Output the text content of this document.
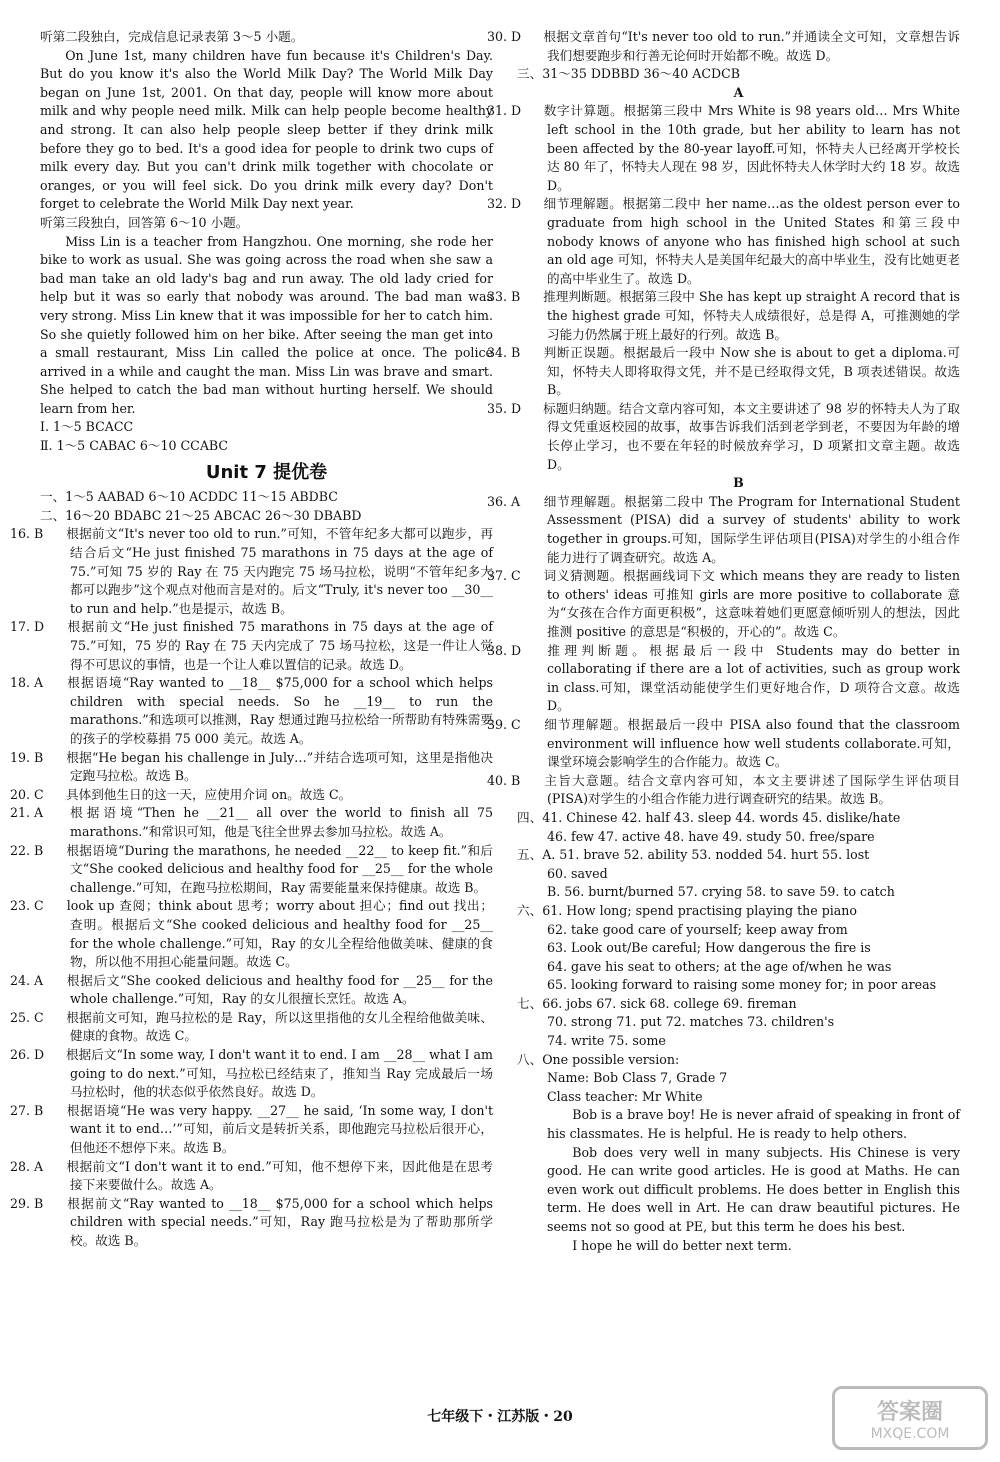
听第二段独白，完成信息记录表第 3～5 小题。

On June 1st, many children have fun because it's Children's Day. But do you know it's also the World Milk Day? The World Milk Day began on June 1st, 2001. On that day, people will know more about milk and why people need milk. Milk can help people become healthy and strong. It can also help people sleep better if they drink milk before they go to bed. It's a good idea for people to drink two cups of milk every day. But you can't drink milk together with chocolate or oranges, or you will feel sick. Do you drink milk every day? Don't forget to celebrate the World Milk Day next year.

听第三段独白，回答第 6～10 小题。

Miss Lin is a teacher from Hangzhou. One morning, she rode her bike to work as usual. She was going across the road when she saw a bad man take an old lady's bag and run away. The old lady cried for help but it was so early that nobody was around. The bad man was very strong. Miss Lin knew that it was impossible for her to catch him. So she quietly followed him on her bike. After seeing the man get into a small restaurant, Miss Lin called the police at once. The police arrived in a while and caught the man. Miss Lin was brave and smart. She helped to catch the bad man without hurting herself. We should learn from her.

Ⅰ. 1～5 BCACC

Ⅱ. 1～5 CABAC 6～10 CCABC

Unit 7 提优卷

一、1～5 AABAD 6～10 ACDDC 11～15 ABDBC

二、16～20 BDABC 21～25 ABCAC 26～30 DBABD

16. B 根据前文“It's never too old to run.”可知，不管年纪多大都可以跑步，再结合后文“He just finished 75 marathons in 75 days at the age of 75.”可知 75 岁的 Ray 在 75 天内跑完 75 场马拉松，说明“不管年纪多大都可以跑步”这个观点对他而言是对的。后文“Truly, it's never too __30__ to run and help.”也是提示，故选 B。

17. D 根据前文“He just finished 75 marathons in 75 days at the age of 75.”可知，75 岁的 Ray 在 75 天内完成了 75 场马拉松，这是一件让人觉得不可思议的事情，也是一个让人难以置信的记录。故选 D。

18. A 根据语境“Ray wanted to __18__ $75,000 for a school which helps children with special needs. So he __19__ to run the marathons.”和选项可以推测，Ray 想通过跑马拉松给一所帮助有特殊需要的孩子的学校募捐 75 000 美元。故选 A。

19. B 根据“He began his challenge in July…”并结合选项可知，这里是指他决定跑马拉松。故选 B。

20. C 具体到他生日的这一天，应使用介词 on。故选 C。

21. A 根据语境“Then he __21__ all over the world to finish all 75 marathons.”和常识可知，他是飞往全世界去参加马拉松。故选 A。

22. B 根据语境“During the marathons, he needed __22__ to keep fit.”和后文“She cooked delicious and healthy food for __25__ for the whole challenge.”可知，在跑马拉松期间，Ray 需要能量来保持健康。故选 B。

23. C look up 查阅；think about 思考；worry about 担心；find out 找出；查明。根据后文“She cooked delicious and healthy food for __25__ for the whole challenge.”可知，Ray 的女儿全程给他做美味、健康的食物，所以他不用担心能量问题。故选 C。

24. A 根据后文“She cooked delicious and healthy food for __25__ for the whole challenge.”可知，Ray 的女儿很擅长烹饪。故选 A。

25. C 根据前文可知，跑马拉松的是 Ray，所以这里指他的女儿全程给他做美味、健康的食物。故选 C。

26. D 根据后文“In some way, I don't want it to end. I am __28__ what I am going to do next.”可知，马拉松已经结束了，推知当 Ray 完成最后一场马拉松时，他的状态似乎依然良好。故选 D。

27. B 根据语境“He was very happy. __27__ he said, ‘In some way, I don't want it to end…’”可知，前后文是转折关系，即他跑完马拉松后很开心，但他还不想停下来。故选 B。

28. A 根据前文“I don't want it to end.”可知，他不想停下来，因此他是在思考接下来要做什么。故选 A。

29. B 根据前文“Ray wanted to __18__ $75,000 for a school which helps children with special needs.”可知，Ray 跑马拉松是为了帮助那所学校。故选 B。

30. D 根据文章首句“It's never too old to run.”并通读全文可知，文章想告诉我们想要跑步和行善无论何时开始都不晚。故选 D。

三、31～35 DDBBD 36～40 ACDCB

A

31. D 数字计算题。根据第三段中 Mrs White is 98 years old… Mrs White left school in the 10th grade, but her ability to learn has not been affected by the 80-year layoff.可知，怀特夫人已经离开学校长达 80 年了，怀特夫人现在 98 岁，因此怀特夫人休学时大约 18 岁。故选 D。

32. D 细节理解题。根据第二段中 her name…as the oldest person ever to graduate from high school in the United States 和第三段中 nobody knows of anyone who has finished high school at such an old age 可知，怀特夫人是美国年纪最大的高中毕业生，没有比她更老的高中毕业生了。故选 D。

33. B 推理判断题。根据第三段中 She has kept up straight A record that is the highest grade 可知，怀特夫人成绩很好，总是得 A，可推测她的学习能力仍然属于班上最好的行列。故选 B。

34. B 判断正误题。根据最后一段中 Now she is about to get a diploma.可知，怀特夫人即将取得文凭，并不是已经取得文凭，B 项表述错误。故选 B。

35. D 标题归纳题。结合文章内容可知，本文主要讲述了 98 岁的怀特夫人为了取得文凭重返校园的故事，故事告诉我们活到老学到老，不要因为年龄的增长停止学习，也不要在年轻的时候放弃学习，D 项紧扣文章主题。故选 D。

B

36. A 细节理解题。根据第二段中 The Program for International Student Assessment (PISA) did a survey of students' ability to work together in groups.可知，国际学生评估项目(PISA)对学生的小组合作能力进行了调查研究。故选 A。

37. C 词义猜测题。根据画线词下文 which means they are ready to listen to others' ideas 可推知 girls are more positive to collaborate 意为“女孩在合作方面更积极”，这意味着她们更愿意倾听别人的想法，因此推测 positive 的意思是“积极的，开心的”。故选 C。

38. D 推理判断题。根据最后一段中 Students may do better in collaborating if there are a lot of activities, such as group work in class.可知，课堂活动能使学生们更好地合作，D 项符合文意。故选 D。

39. C 细节理解题。根据最后一段中 PISA also found that the classroom environment will influence how well students collaborate.可知，课堂环境会影响学生的合作能力。故选 C。

40. B 主旨大意题。结合文章内容可知，本文主要讲述了国际学生评估项目(PISA)对学生的小组合作能力进行调查研究的结果。故选 B。

四、41. Chinese 42. half 43. sleep 44. words 45. dislike/hate

46. few 47. active 48. have 49. study 50. free/spare

五、A. 51. brave 52. ability 53. nodded 54. hurt 55. lost

60. saved

B. 56. burnt/burned 57. crying 58. to save 59. to catch

六、61. How long; spend practising playing the piano

62. take good care of yourself; keep away from

63. Look out/Be careful; How dangerous the fire is

64. gave his seat to others; at the age of/when he was

65. looking forward to raising some money for; in poor areas

七、66. jobs 67. sick 68. college 69. fireman

70. strong 71. put 72. matches 73. children's

74. write 75. some

八、One possible version:

Name: Bob Class 7, Grade 7

Class teacher: Mr White

Bob is a brave boy! He is never afraid of speaking in front of his classmates. He is helpful. He is ready to help others.

Bob does very well in many subjects. His Chinese is very good. He can write good articles. He is good at Maths. He can even work out difficult problems. He does better in English this term. He does well in Art. He can draw beautiful pictures. He seems not so good at PE, but this term he does his best.

I hope he will do better next term.

七年级下・江苏版・20	答案圈
MXQE.COM
